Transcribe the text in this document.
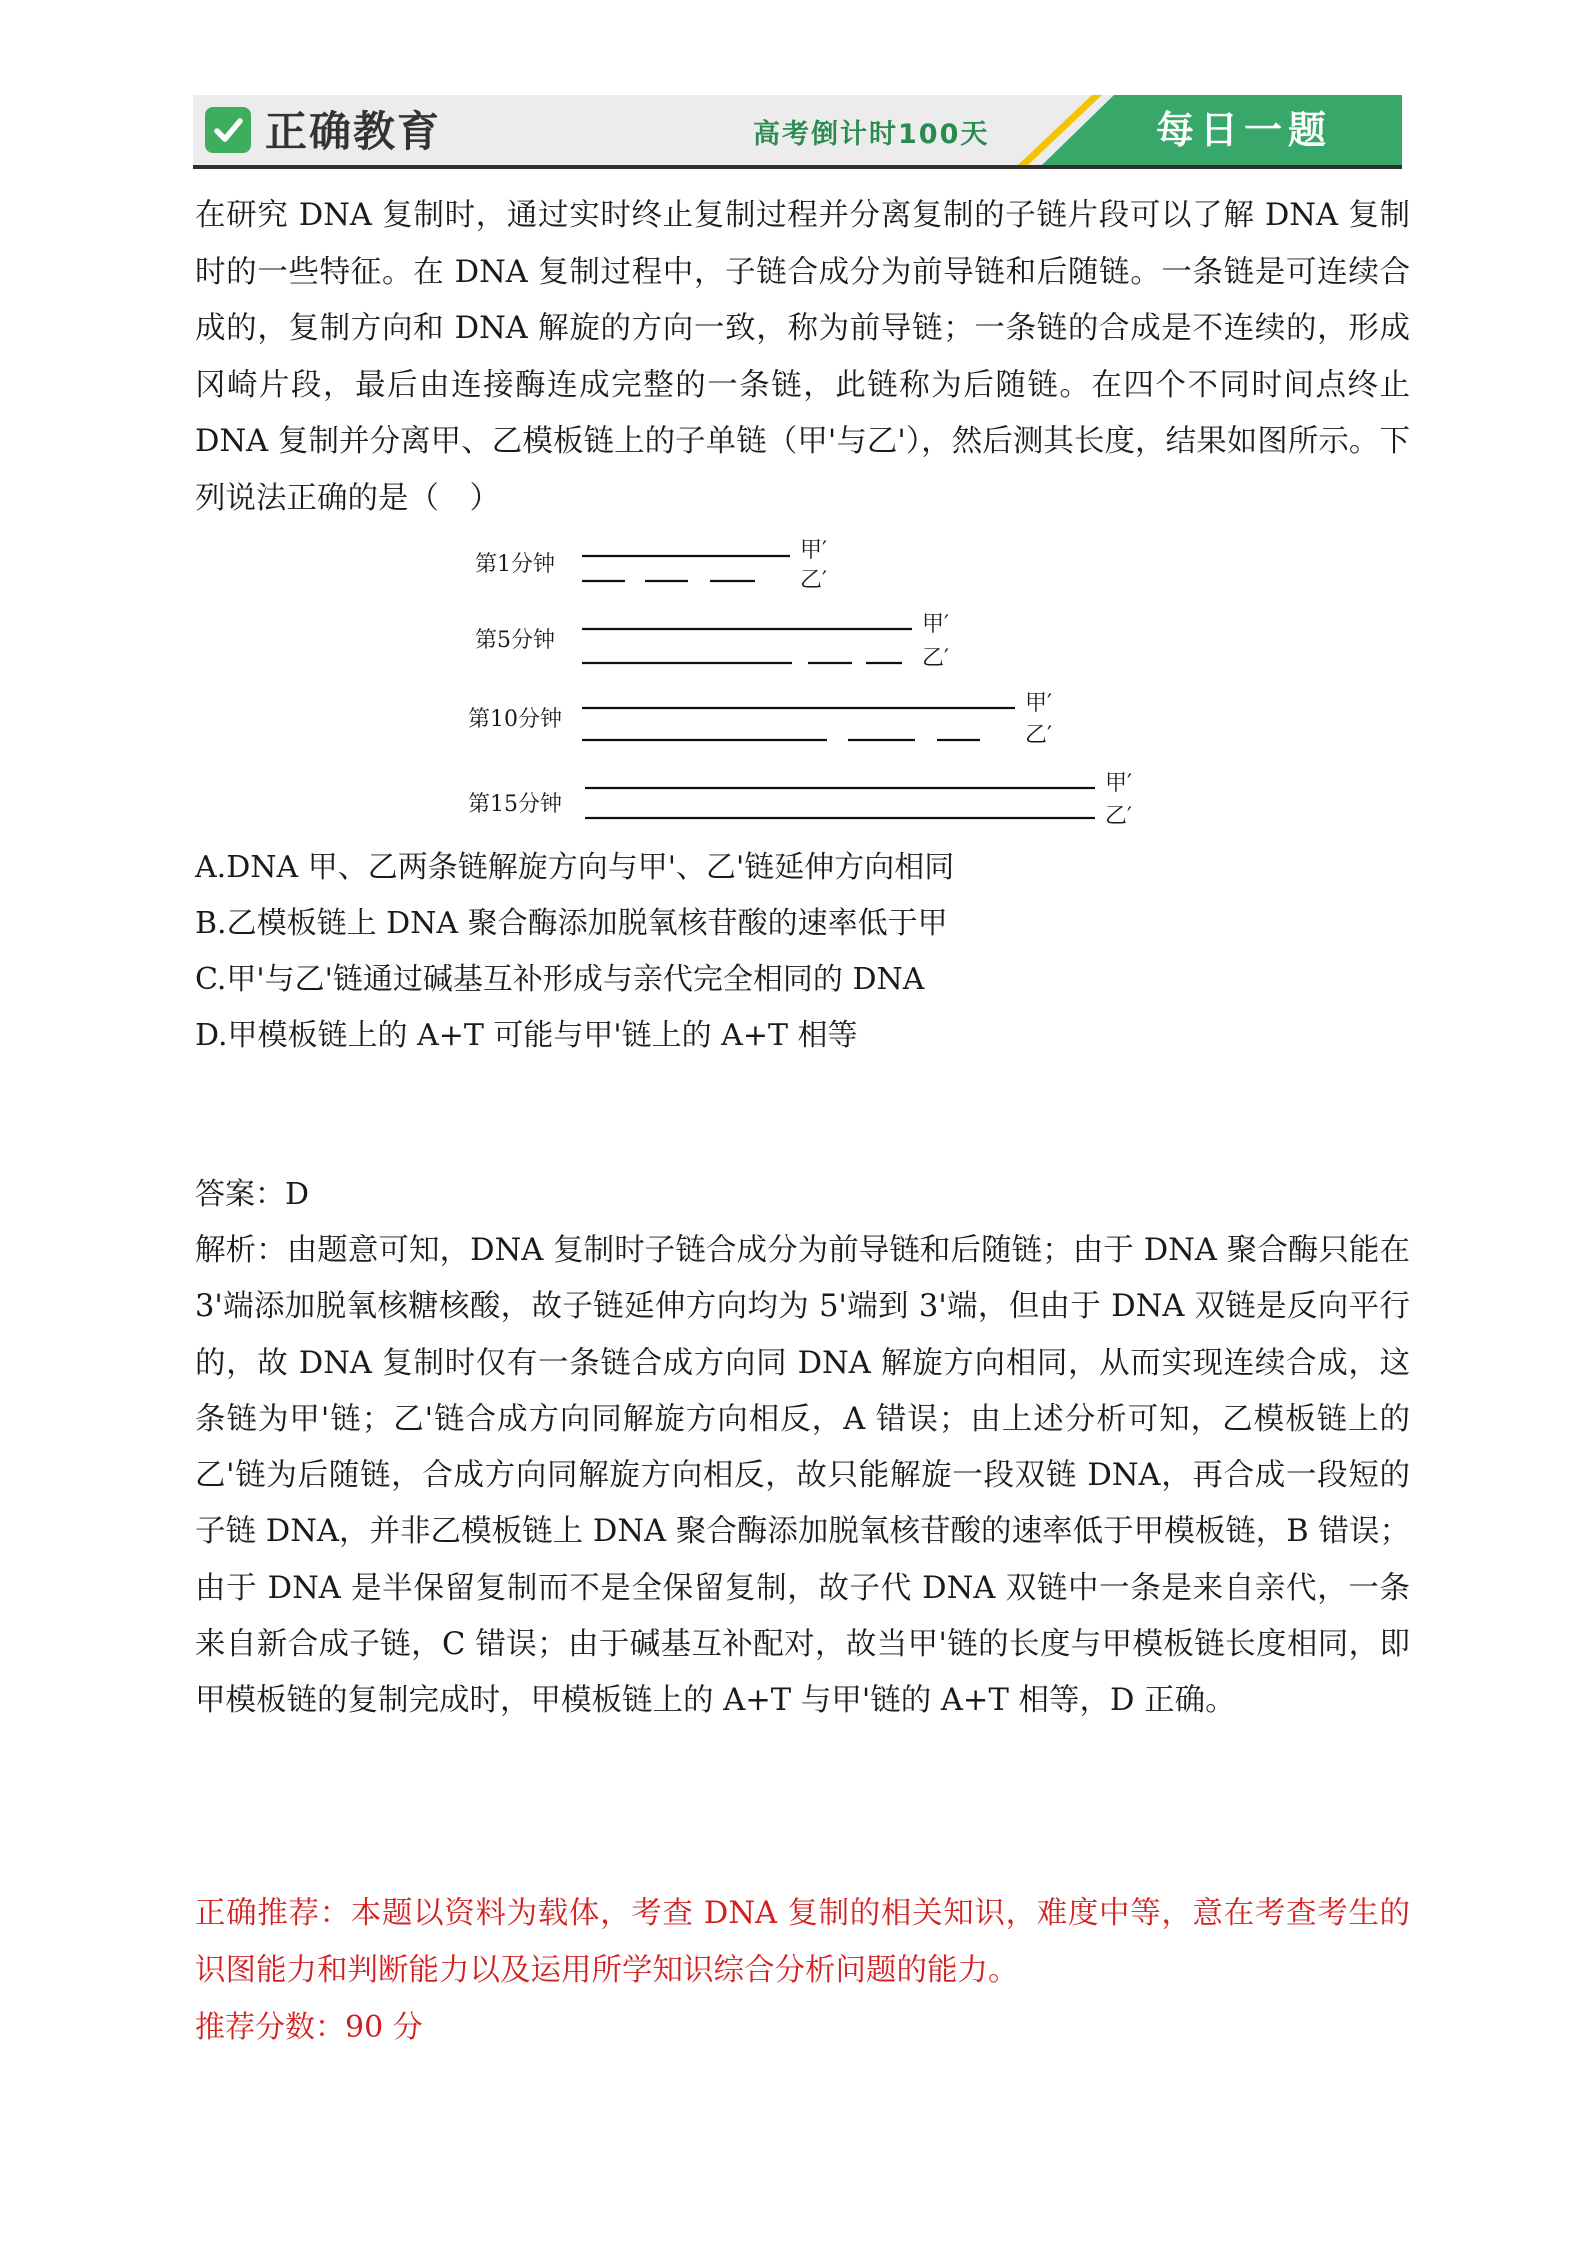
正确教育	高考倒计时100天	每日一题

在研究 DNA 复制时，通过实时终止复制过程并分离复制的子链片段可以了解 DNA 复制时的一些特征。在 DNA 复制过程中，子链合成分为前导链和后随链。一条链是可连续合成的，复制方向和 DNA 解旋的方向一致，称为前导链；一条链的合成是不连续的，形成冈崎片段，最后由连接酶连成完整的一条链，此链称为后随链。在四个不同时间点终止 DNA 复制并分离甲、乙模板链上的子单链（甲'与乙'），然后测其长度，结果如图所示。下列说法正确的是（　）

第1分钟
甲′
乙′
第5分钟
甲′
乙′
第10分钟
甲′
乙′
第15分钟
甲′
乙′
A.DNA 甲、乙两条链解旋方向与甲'、乙'链延伸方向相同
B.乙模板链上 DNA 聚合酶添加脱氧核苷酸的速率低于甲
C.甲'与乙'链通过碱基互补形成与亲代完全相同的 DNA
D.甲模板链上的 A+T 可能与甲'链上的 A+T 相等
答案：D

解析：由题意可知，DNA 复制时子链合成分为前导链和后随链；由于 DNA 聚合酶只能在 3'端添加脱氧核糖核酸，故子链延伸方向均为 5'端到 3'端，但由于 DNA 双链是反向平行的，故 DNA 复制时仅有一条链合成方向同 DNA 解旋方向相同，从而实现连续合成，这条链为甲'链；乙'链合成方向同解旋方向相反，A 错误；由上述分析可知，乙模板链上的乙'链为后随链，合成方向同解旋方向相反，故只能解旋一段双链 DNA，再合成一段短的子链 DNA，并非乙模板链上 DNA 聚合酶添加脱氧核苷酸的速率低于甲模板链，B 错误；由于 DNA 是半保留复制而不是全保留复制，故子代 DNA 双链中一条是来自亲代，一条来自新合成子链，C 错误；由于碱基互补配对，故当甲'链的长度与甲模板链长度相同，即甲模板链的复制完成时，甲模板链上的 A+T 与甲'链的 A+T 相等，D 正确。

正确推荐：本题以资料为载体，考查 DNA 复制的相关知识，难度中等，意在考查考生的识图能力和判断能力以及运用所学知识综合分析问题的能力。

推荐分数：90 分
